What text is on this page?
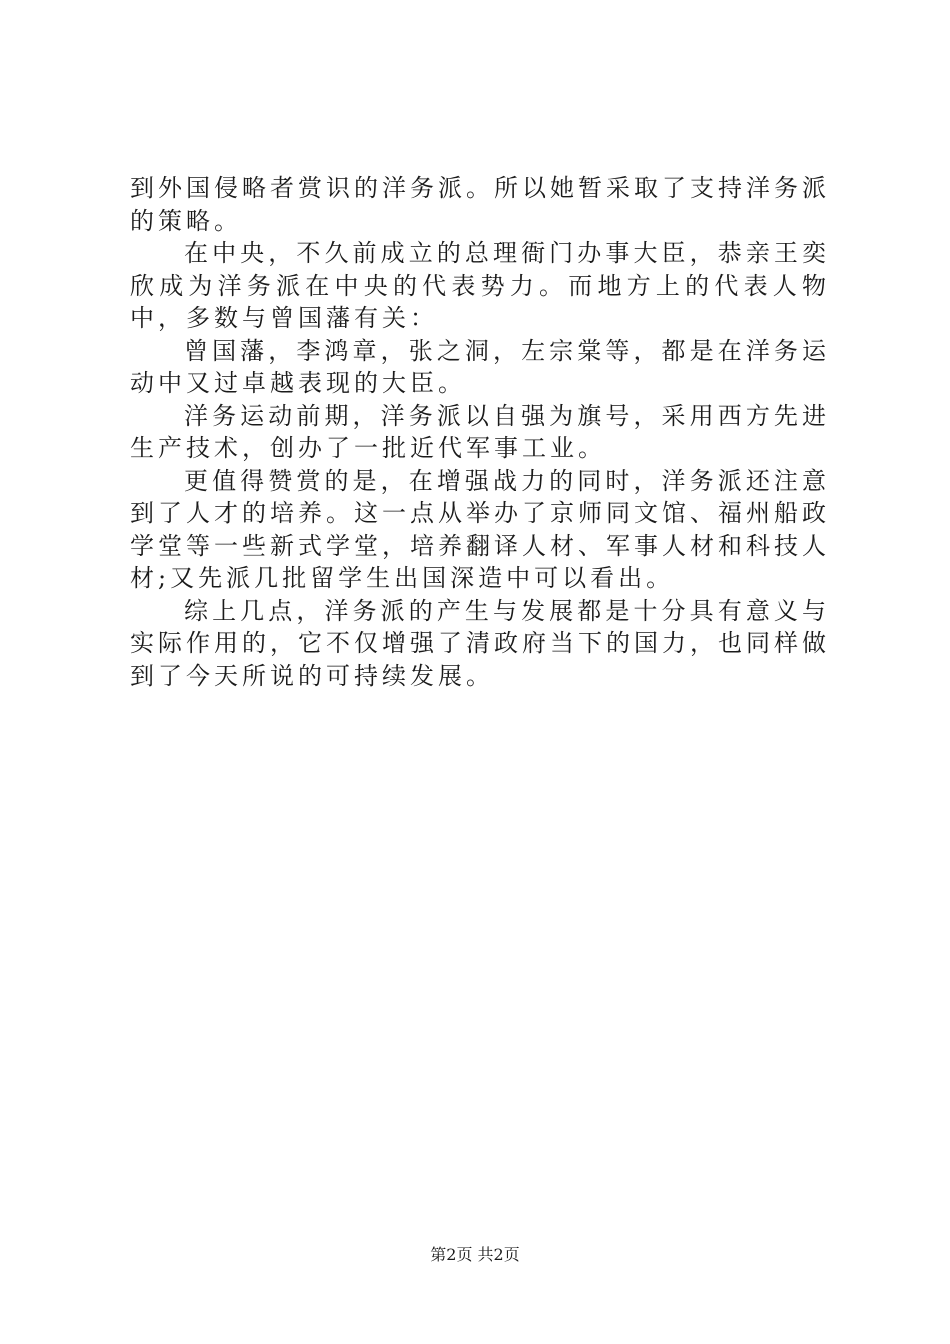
到外国侵略者赏识的洋务派。所以她暂采取了支持洋务派的策略。

在中央，不久前成立的总理衙门办事大臣，恭亲王奕欣成为洋务派在中央的代表势力。而地方上的代表人物中，多数与曾国藩有关：

曾国藩，李鸿章，张之洞，左宗棠等，都是在洋务运动中又过卓越表现的大臣。

洋务运动前期，洋务派以自强为旗号，采用西方先进生产技术，创办了一批近代军事工业。

更值得赞赏的是，在增强战力的同时，洋务派还注意到了人才的培养。这一点从举办了京师同文馆、福州船政学堂等一些新式学堂，培养翻译人材、军事人材和科技人材;又先派几批留学生出国深造中可以看出。

综上几点，洋务派的产生与发展都是十分具有意义与实际作用的，它不仅增强了清政府当下的国力，也同样做到了今天所说的可持续发展。

第2页 共2页
